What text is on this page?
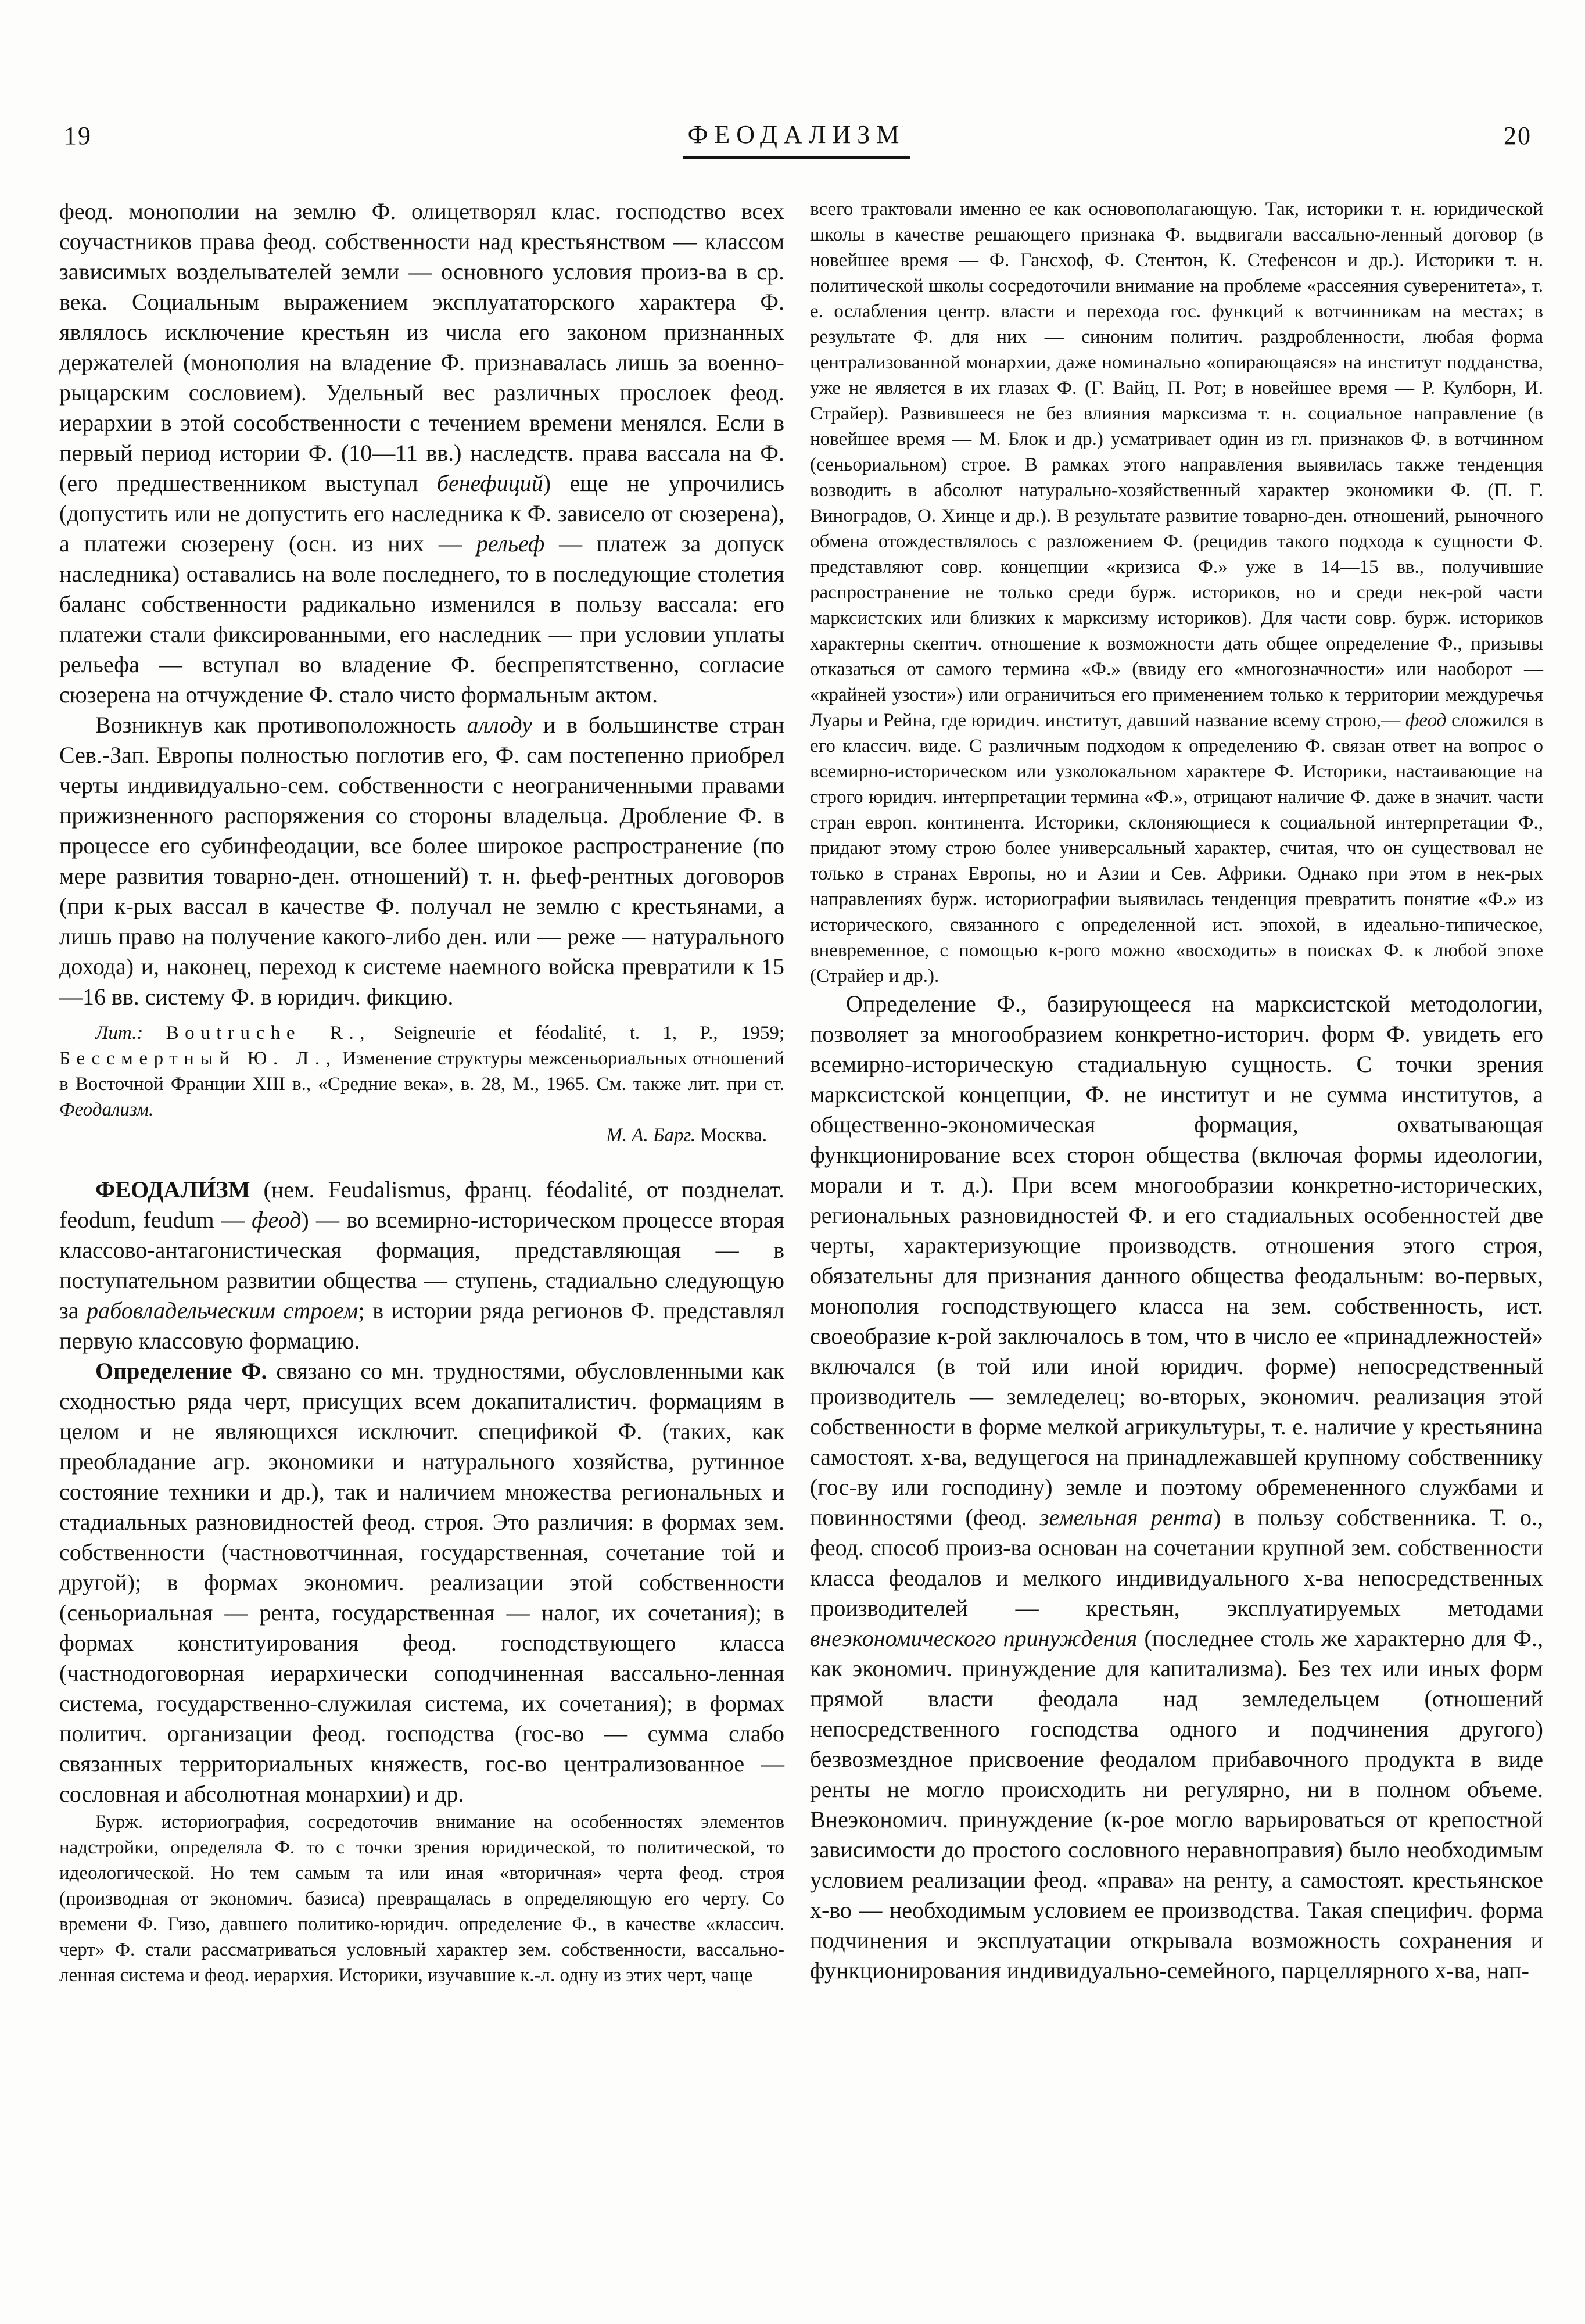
19	ФЕОДАЛИЗМ	20

феод. монополии на землю Ф. олицетворял клас. господство всех соучастников права феод. собственности над крестьянством — классом зависимых возделывателей земли — основного условия произ-ва в ср. века. Социальным выражением эксплуататорского характера Ф. являлось исключение крестьян из числа его законом признанных держателей (монополия на владение Ф. признавалась лишь за военно-рыцарским сословием). Удельный вес различных прослоек феод. иерархии в этой сособственности с течением времени менялся. Если в первый период истории Ф. (10—11 вв.) наследств. права вассала на Ф. (его предшественником выступал бенефиций) еще не упрочились (допустить или не допустить его наследника к Ф. зависело от сюзерена), а платежи сюзерену (осн. из них — рельеф — платеж за допуск наследника) оставались на воле последнего, то в последующие столетия баланс собственности радикально изменился в пользу вассала: его платежи стали фиксированными, его наследник — при условии уплаты рельефа — вступал во владение Ф. беспрепятственно, согласие сюзерена на отчуждение Ф. стало чисто формальным актом.

Возникнув как противоположность аллоду и в большинстве стран Сев.-Зап. Европы полностью поглотив его, Ф. сам постепенно приобрел черты индивидуально-сем. собственности с неограниченными правами прижизненного распоряжения со стороны владельца. Дробление Ф. в процессе его субинфеодации, все более широкое распространение (по мере развития товарно-ден. отношений) т. н. фьеф-рентных договоров (при к-рых вассал в качестве Ф. получал не землю с крестьянами, а лишь право на получение какого-либо ден. или — реже — натурального дохода) и, наконец, переход к системе наемного войска превратили к 15—16 вв. систему Ф. в юридич. фикцию.

Лит.: Boutruche R., Seigneurie et féodalité, t. 1, P., 1959; Бессмертный Ю. Л., Изменение структуры межсеньориальных отношений в Восточной Франции XIII в., «Средние века», в. 28, М., 1965. См. также лит. при ст. Феодализм.

М. А. Барг. Москва.

ФЕОДАЛИ́ЗМ (нем. Feudalismus, франц. féodalité, от позднелат. feodum, feudum — феод) — во всемирно-историческом процессе вторая классово-антагонистическая формация, представляющая — в поступательном развитии общества — ступень, стадиально следующую за рабовладельческим строем; в истории ряда регионов Ф. представлял первую классовую формацию.

Определение Ф. связано со мн. трудностями, обусловленными как сходностью ряда черт, присущих всем докапиталистич. формациям в целом и не являющихся исключит. спецификой Ф. (таких, как преобладание агр. экономики и натурального хозяйства, рутинное состояние техники и др.), так и наличием множества региональных и стадиальных разновидностей феод. строя. Это различия: в формах зем. собственности (частновотчинная, государственная, сочетание той и другой); в формах экономич. реализации этой собственности (сеньориальная — рента, государственная — налог, их сочетания); в формах конституирования феод. господствующего класса (частнодоговорная иерархически соподчиненная вассально-ленная система, государственно-служилая система, их сочетания); в формах политич. организации феод. господства (гос-во — сумма слабо связанных территориальных княжеств, гос-во централизованное — сословная и абсолютная монархии) и др.

Бурж. историография, сосредоточив внимание на особенностях элементов надстройки, определяла Ф. то с точки зрения юридической, то политической, то идеологической. Но тем самым та или иная «вторичная» черта феод. строя (производная от экономич. базиса) превращалась в определяющую его черту. Со времени Ф. Гизо, давшего политико-юридич. определение Ф., в качестве «классич. черт» Ф. стали рассматриваться условный характер зем. собственности, вассально-ленная система и феод. иерархия. Историки, изучавшие к.-л. одну из этих черт, чаще

всего трактовали именно ее как основополагающую. Так, историки т. н. юридической школы в качестве решающего признака Ф. выдвигали вассально-ленный договор (в новейшее время — Ф. Гансхоф, Ф. Стентон, К. Стефенсон и др.). Историки т. н. политической школы сосредоточили внимание на проблеме «рассеяния суверенитета», т. е. ослабления центр. власти и перехода гос. функций к вотчинникам на местах; в результате Ф. для них — синоним политич. раздробленности, любая форма централизованной монархии, даже номинально «опирающаяся» на институт подданства, уже не является в их глазах Ф. (Г. Вайц, П. Рот; в новейшее время — Р. Кулборн, И. Страйер). Развившееся не без влияния марксизма т. н. социальное направление (в новейшее время — М. Блок и др.) усматривает один из гл. признаков Ф. в вотчинном (сеньориальном) строе. В рамках этого направления выявилась также тенденция возводить в абсолют натурально-хозяйственный характер экономики Ф. (П. Г. Виноградов, О. Хинце и др.). В результате развитие товарно-ден. отношений, рыночного обмена отождествлялось с разложением Ф. (рецидив такого подхода к сущности Ф. представляют совр. концепции «кризиса Ф.» уже в 14—15 вв., получившие распространение не только среди бурж. историков, но и среди нек-рой части марксистских или близких к марксизму историков). Для части совр. бурж. историков характерны скептич. отношение к возможности дать общее определение Ф., призывы отказаться от самого термина «Ф.» (ввиду его «многозначности» или наоборот — «крайней узости») или ограничиться его применением только к территории междуречья Луары и Рейна, где юридич. институт, давший название всему строю,— феод сложился в его классич. виде. С различным подходом к определению Ф. связан ответ на вопрос о всемирно-историческом или узколокальном характере Ф. Историки, настаивающие на строго юридич. интерпретации термина «Ф.», отрицают наличие Ф. даже в значит. части стран европ. континента. Историки, склоняющиеся к социальной интерпретации Ф., придают этому строю более универсальный характер, считая, что он существовал не только в странах Европы, но и Азии и Сев. Африки. Однако при этом в нек-рых направлениях бурж. историографии выявилась тенденция превратить понятие «Ф.» из исторического, связанного с определенной ист. эпохой, в идеально-типическое, вневременное, с помощью к-рого можно «восходить» в поисках Ф. к любой эпохе (Страйер и др.).

Определение Ф., базирующееся на марксистской методологии, позволяет за многообразием конкретно-историч. форм Ф. увидеть его всемирно-историческую стадиальную сущность. С точки зрения марксистской концепции, Ф. не институт и не сумма институтов, а общественно-экономическая формация, охватывающая функционирование всех сторон общества (включая формы идеологии, морали и т. д.). При всем многообразии конкретно-исторических, региональных разновидностей Ф. и его стадиальных особенностей две черты, характеризующие производств. отношения этого строя, обязательны для признания данного общества феодальным: во-первых, монополия господствующего класса на зем. собственность, ист. своеобразие к-рой заключалось в том, что в число ее «принадлежностей» включался (в той или иной юридич. форме) непосредственный производитель — земледелец; во-вторых, экономич. реализация этой собственности в форме мелкой агрикультуры, т. е. наличие у крестьянина самостоят. х-ва, ведущегося на принадлежавшей крупному собственнику (гос-ву или господину) земле и поэтому обремененного службами и повинностями (феод. земельная рента) в пользу собственника. Т. о., феод. способ произ-ва основан на сочетании крупной зем. собственности класса феодалов и мелкого индивидуального х-ва непосредственных производителей — крестьян, эксплуатируемых методами внеэкономического принуждения (последнее столь же характерно для Ф., как экономич. принуждение для капитализма). Без тех или иных форм прямой власти феодала над земледельцем (отношений непосредственного господства одного и подчинения другого) безвозмездное присвоение феодалом прибавочного продукта в виде ренты не могло происходить ни регулярно, ни в полном объеме. Внеэкономич. принуждение (к-рое могло варьироваться от крепостной зависимости до простого сословного неравноправия) было необходимым условием реализации феод. «права» на ренту, а самостоят. крестьянское х-во — необходимым условием ее производства. Такая специфич. форма подчинения и эксплуатации открывала возможность сохранения и функционирования индивидуально-семейного, парцеллярного х-ва, нап-
